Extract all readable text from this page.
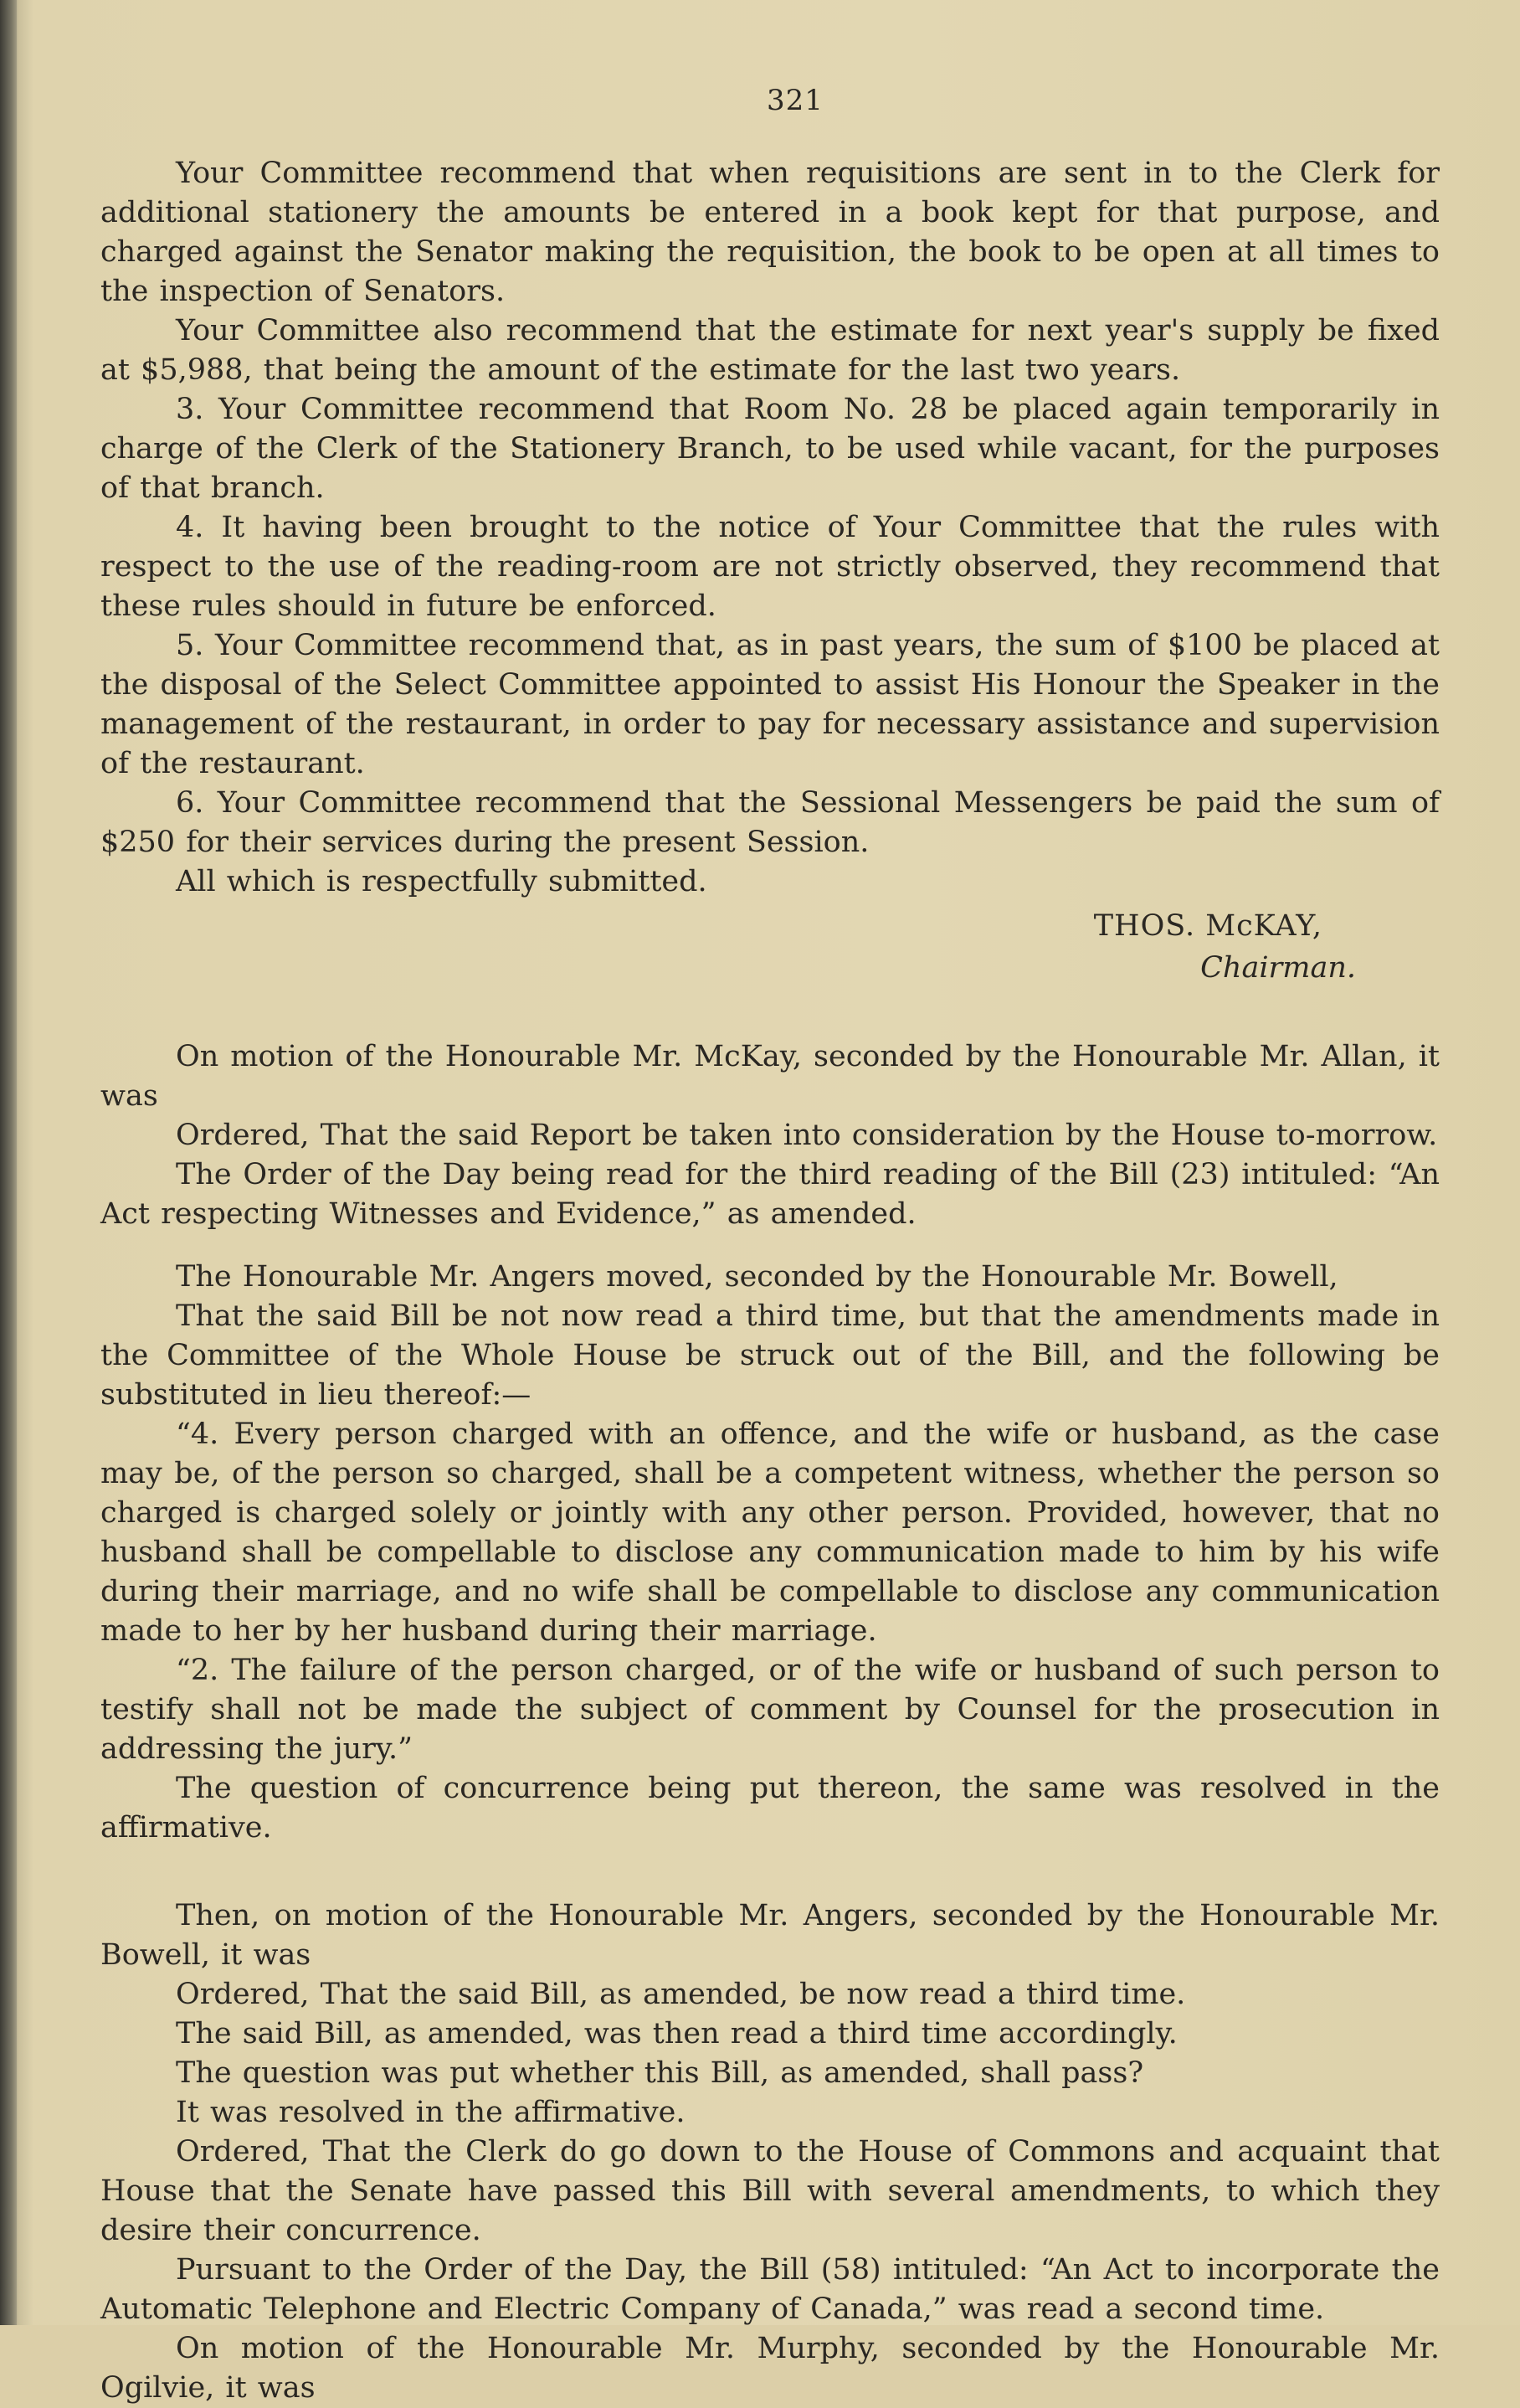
321

Your Committee recommend that when requisitions are sent in to the Clerk for additional stationery the amounts be entered in a book kept for that purpose, and charged against the Senator making the requisition, the book to be open at all times to the inspection of Senators.

Your Committee also recommend that the estimate for next year's supply be fixed at $5,988, that being the amount of the estimate for the last two years.

3. Your Committee recommend that Room No. 28 be placed again temporarily in charge of the Clerk of the Stationery Branch, to be used while vacant, for the purposes of that branch.

4. It having been brought to the notice of Your Committee that the rules with respect to the use of the reading-room are not strictly observed, they recommend that these rules should in future be enforced.

5. Your Committee recommend that, as in past years, the sum of $100 be placed at the disposal of the Select Committee appointed to assist His Honour the Speaker in the management of the restaurant, in order to pay for necessary assistance and supervision of the restaurant.

6. Your Committee recommend that the Sessional Messengers be paid the sum of $250 for their services during the present Session.

All which is respectfully submitted.

THOS. McKAY,
Chairman.

On motion of the Honourable Mr. McKay, seconded by the Honourable Mr. Allan, it was

Ordered, That the said Report be taken into consideration by the House to-morrow.

The Order of the Day being read for the third reading of the Bill (23) intituled: “An Act respecting Witnesses and Evidence,” as amended.

The Honourable Mr. Angers moved, seconded by the Honourable Mr. Bowell,

That the said Bill be not now read a third time, but that the amendments made in the Committee of the Whole House be struck out of the Bill, and the following be substituted in lieu thereof:—

“4. Every person charged with an offence, and the wife or husband, as the case may be, of the person so charged, shall be a competent witness, whether the person so charged is charged solely or jointly with any other person. Provided, however, that no husband shall be compellable to disclose any communication made to him by his wife during their marriage, and no wife shall be compellable to disclose any communication made to her by her husband during their marriage.

“2. The failure of the person charged, or of the wife or husband of such person to testify shall not be made the subject of comment by Counsel for the prosecution in addressing the jury.”

The question of concurrence being put thereon, the same was resolved in the affirmative.

Then, on motion of the Honourable Mr. Angers, seconded by the Honourable Mr. Bowell, it was

Ordered, That the said Bill, as amended, be now read a third time.

The said Bill, as amended, was then read a third time accordingly.

The question was put whether this Bill, as amended, shall pass?

It was resolved in the affirmative.

Ordered, That the Clerk do go down to the House of Commons and acquaint that House that the Senate have passed this Bill with several amendments, to which they desire their concurrence.

Pursuant to the Order of the Day, the Bill (58) intituled: “An Act to incorporate the Automatic Telephone and Electric Company of Canada,” was read a second time.

On motion of the Honourable Mr. Murphy, seconded by the Honourable Mr. Ogilvie, it was
